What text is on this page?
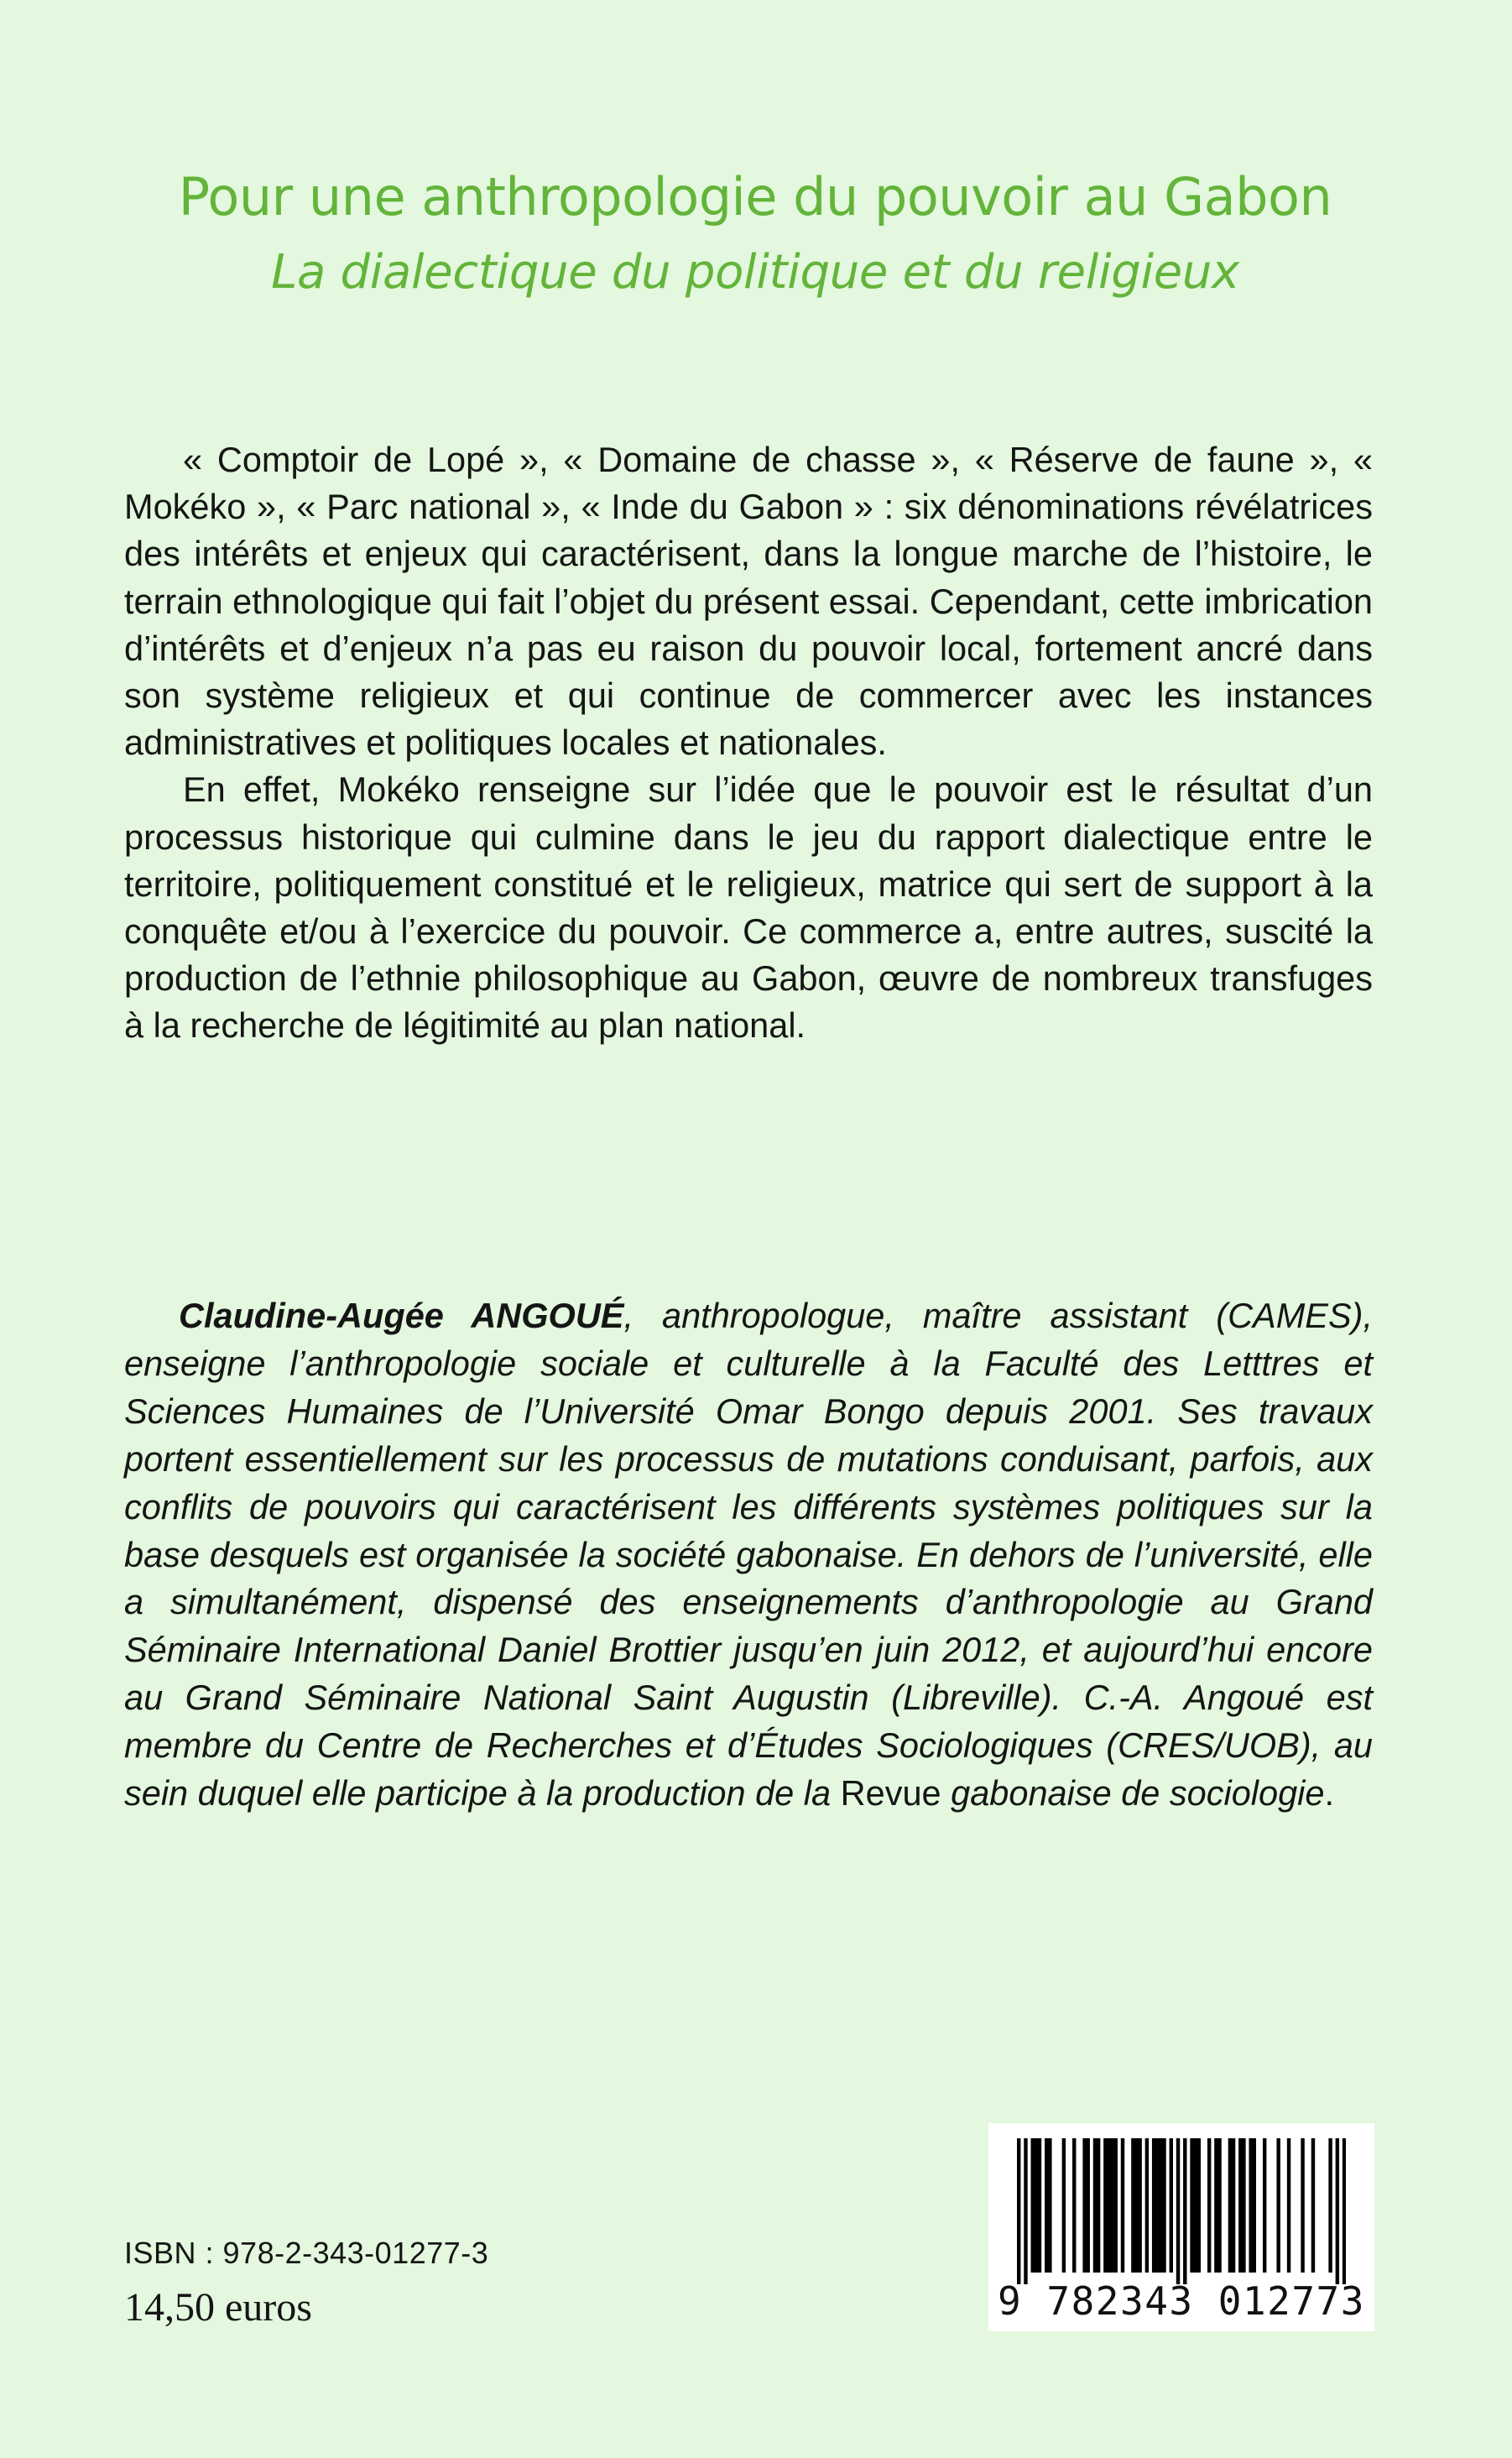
Pour une anthropologie du pouvoir au Gabon
La dialectique du politique et du religieux

« Comptoir de Lopé », « Domaine de chasse », « Réserve de faune », « Mokéko », « Parc national », « Inde du Gabon » : six dénominations révélatrices des intérêts et enjeux qui caractérisent, dans la longue marche de l’histoire, le terrain ethnologique qui fait l’objet du présent essai. Cependant, cette imbrication d’intérêts et d’enjeux n’a pas eu raison du pouvoir local, fortement ancré dans son système religieux et qui continue de commercer avec les instances administratives et politiques locales et nationales.

En effet, Mokéko renseigne sur l’idée que le pouvoir est le résultat d’un processus historique qui culmine dans le jeu du rapport dialectique entre le territoire, politiquement constitué et le religieux, matrice qui sert de support à la conquête et/ou à l’exercice du pouvoir. Ce commerce a, entre autres, suscité la production de l’ethnie philosophique au Gabon, œuvre de nombreux transfuges à la recherche de légitimité au plan national.

Claudine-Augée ANGOUÉ, anthropologue, maître assistant (CAMES), enseigne l’anthropologie sociale et culturelle à la Faculté des Letttres et Sciences Humaines de l’Université Omar Bongo depuis 2001. Ses travaux portent essentiellement sur les processus de mutations conduisant, parfois, aux conflits de pouvoirs qui caractérisent les différents systèmes politiques sur la base desquels est organisée la société gabonaise. En dehors de l’université, elle a simultanément, dispensé des enseignements d’anthropologie au Grand Séminaire International Daniel Brottier jusqu’en juin 2012, et aujourd’hui encore au Grand Séminaire National Saint Augustin (Libreville). C.-A. Angoué est membre du Centre de Recherches et d’Études Sociologiques (CRES/UOB), au sein duquel elle participe à la production de la Revue gabonaise de sociologie.

ISBN : 978-2-343-01277-3
14,50 euros	9 782343 012773
